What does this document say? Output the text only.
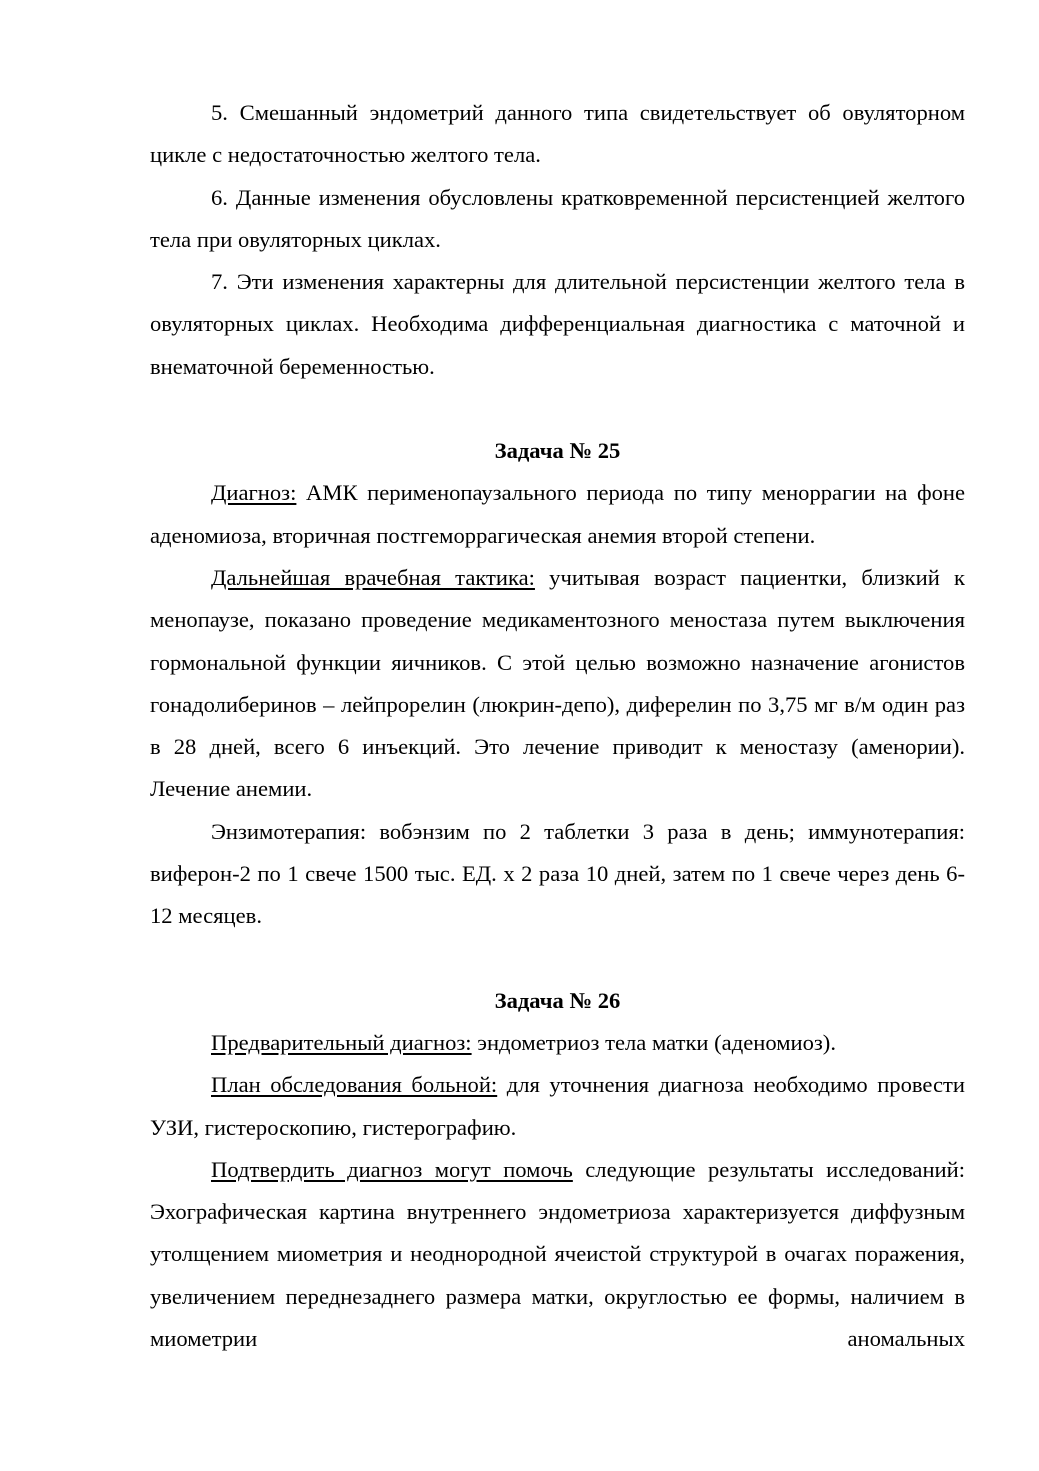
5. Смешанный эндометрий данного типа свидетельствует об овуляторном цикле с недостаточностью желтого тела.

6. Данные изменения обусловлены кратковременной персистенцией желтого тела при овуляторных циклах.

7. Эти изменения характерны для длительной персистенции желтого тела в овуляторных циклах. Необходима дифференциальная диагностика с маточной и внематочной беременностью.

Задача № 25

Диагноз: АМК перименопаузального периода по типу меноррагии на фоне аденомиоза, вторичная постгеморрагическая анемия второй степени.

Дальнейшая врачебная тактика: учитывая возраст пациентки, близкий к менопаузе, показано проведение медикаментозного меностаза путем выключения гормональной функции яичников. С этой целью возможно назначение агонистов гонадолиберинов – лейпрорелин (люкрин-депо), диферелин по 3,75 мг в/м один раз в 28 дней, всего 6 инъекций. Это лечение приводит к меностазу (аменории). Лечение анемии.

Энзимотерапия: вобэнзим по 2 таблетки 3 раза в день; иммунотерапия: виферон-2 по 1 свече 1500 тыс. ЕД. х 2 раза 10 дней, затем по 1 свече через день 6-12 месяцев.

Задача № 26

Предварительный диагноз: эндометриоз тела матки (аденомиоз).

План обследования больной: для уточнения диагноза необходимо провести УЗИ, гистероскопию, гистерографию.

Подтвердить диагноз могут помочь следующие результаты исследований: Эхографическая картина внутреннего эндометриоза характеризуется диффузным утолщением миометрия и неоднородной ячеистой структурой в очагах поражения, увеличением переднезаднего размера матки, округлостью ее формы, наличием в миометрии аномальных
